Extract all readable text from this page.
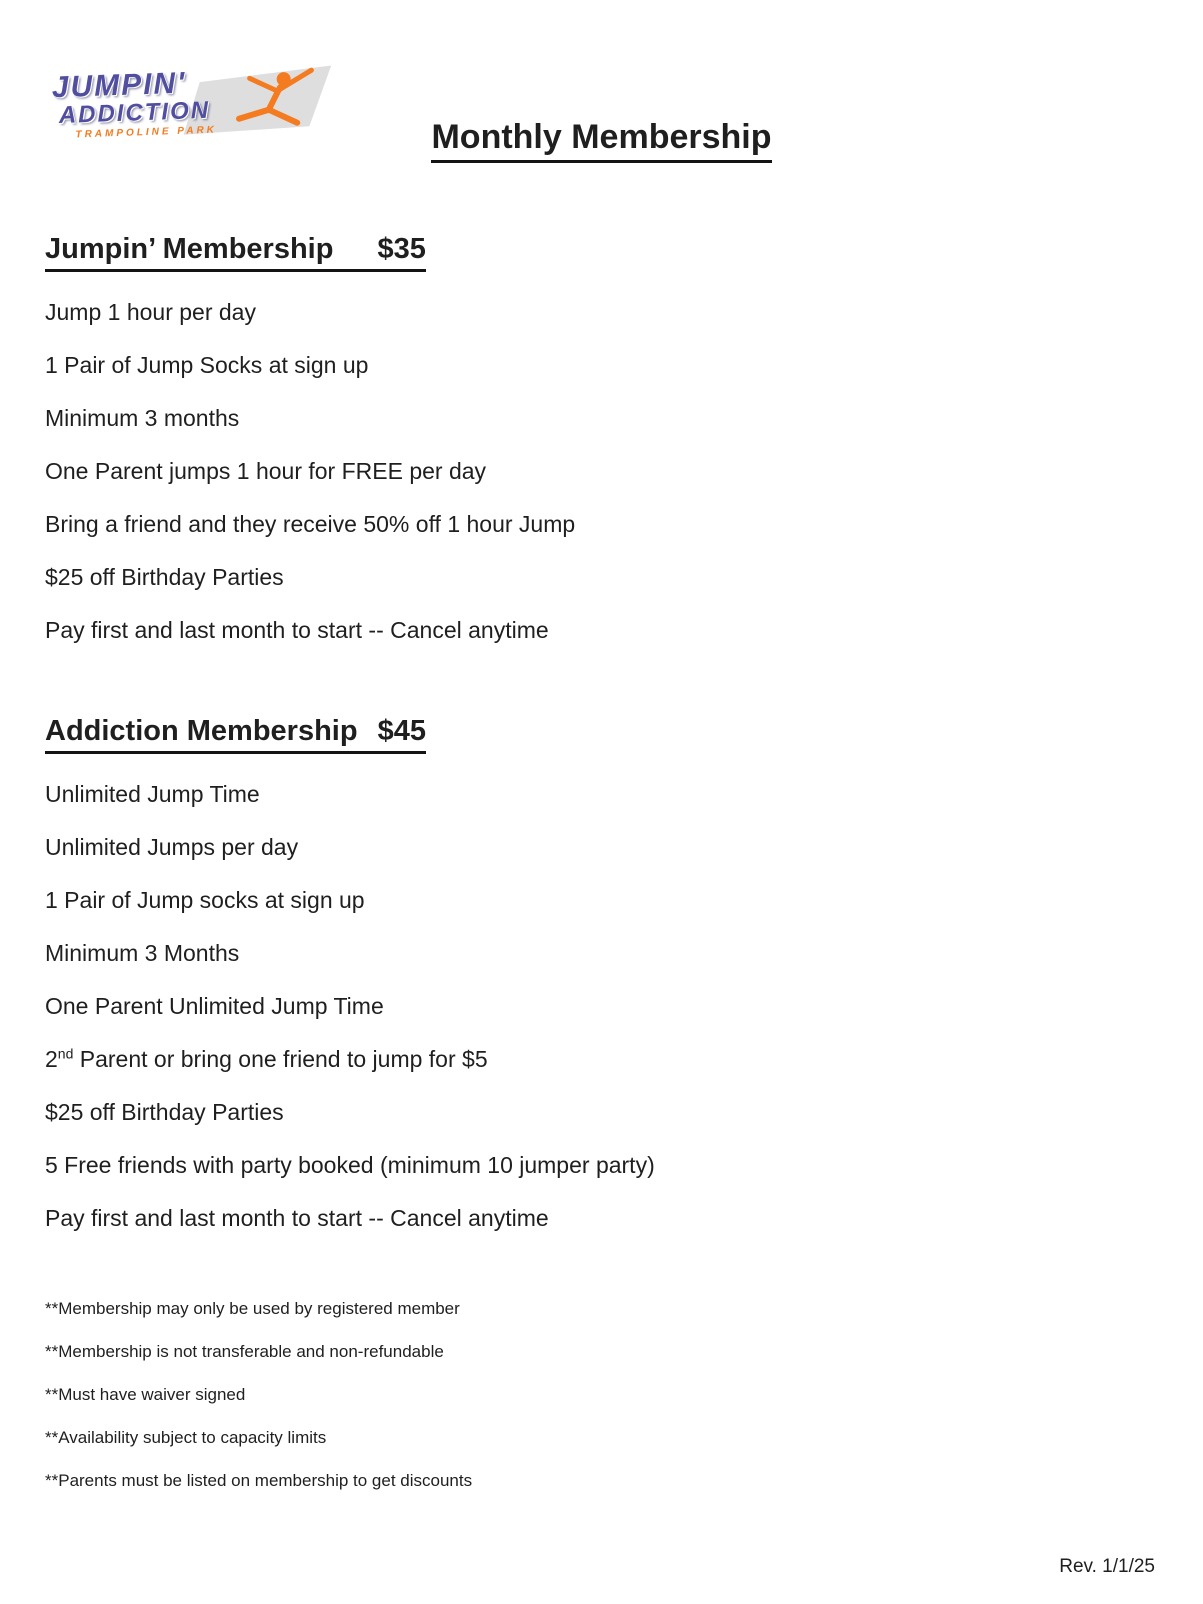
JUMPIN'
ADDICTION
TRAMPOLINE PARK	Monthly Membership
Jumpin’ Membership $35

Jump 1 hour per day

1 Pair of Jump Socks at sign up

Minimum 3 months

One Parent jumps 1 hour for FREE per day

Bring a friend and they receive 50% off 1 hour Jump

$25 off Birthday Parties

Pay first and last month to start -- Cancel anytime

Addiction Membership $45

Unlimited Jump Time

Unlimited Jumps per day

1 Pair of Jump socks at sign up

Minimum 3 Months

One Parent Unlimited Jump Time

2nd Parent or bring one friend to jump for $5

$25 off Birthday Parties

5 Free friends with party booked (minimum 10 jumper party)

Pay first and last month to start -- Cancel anytime

**Membership may only be used by registered member

**Membership is not transferable and non-refundable

**Must have waiver signed

**Availability subject to capacity limits

**Parents must be listed on membership to get discounts

Rev. 1/1/25
